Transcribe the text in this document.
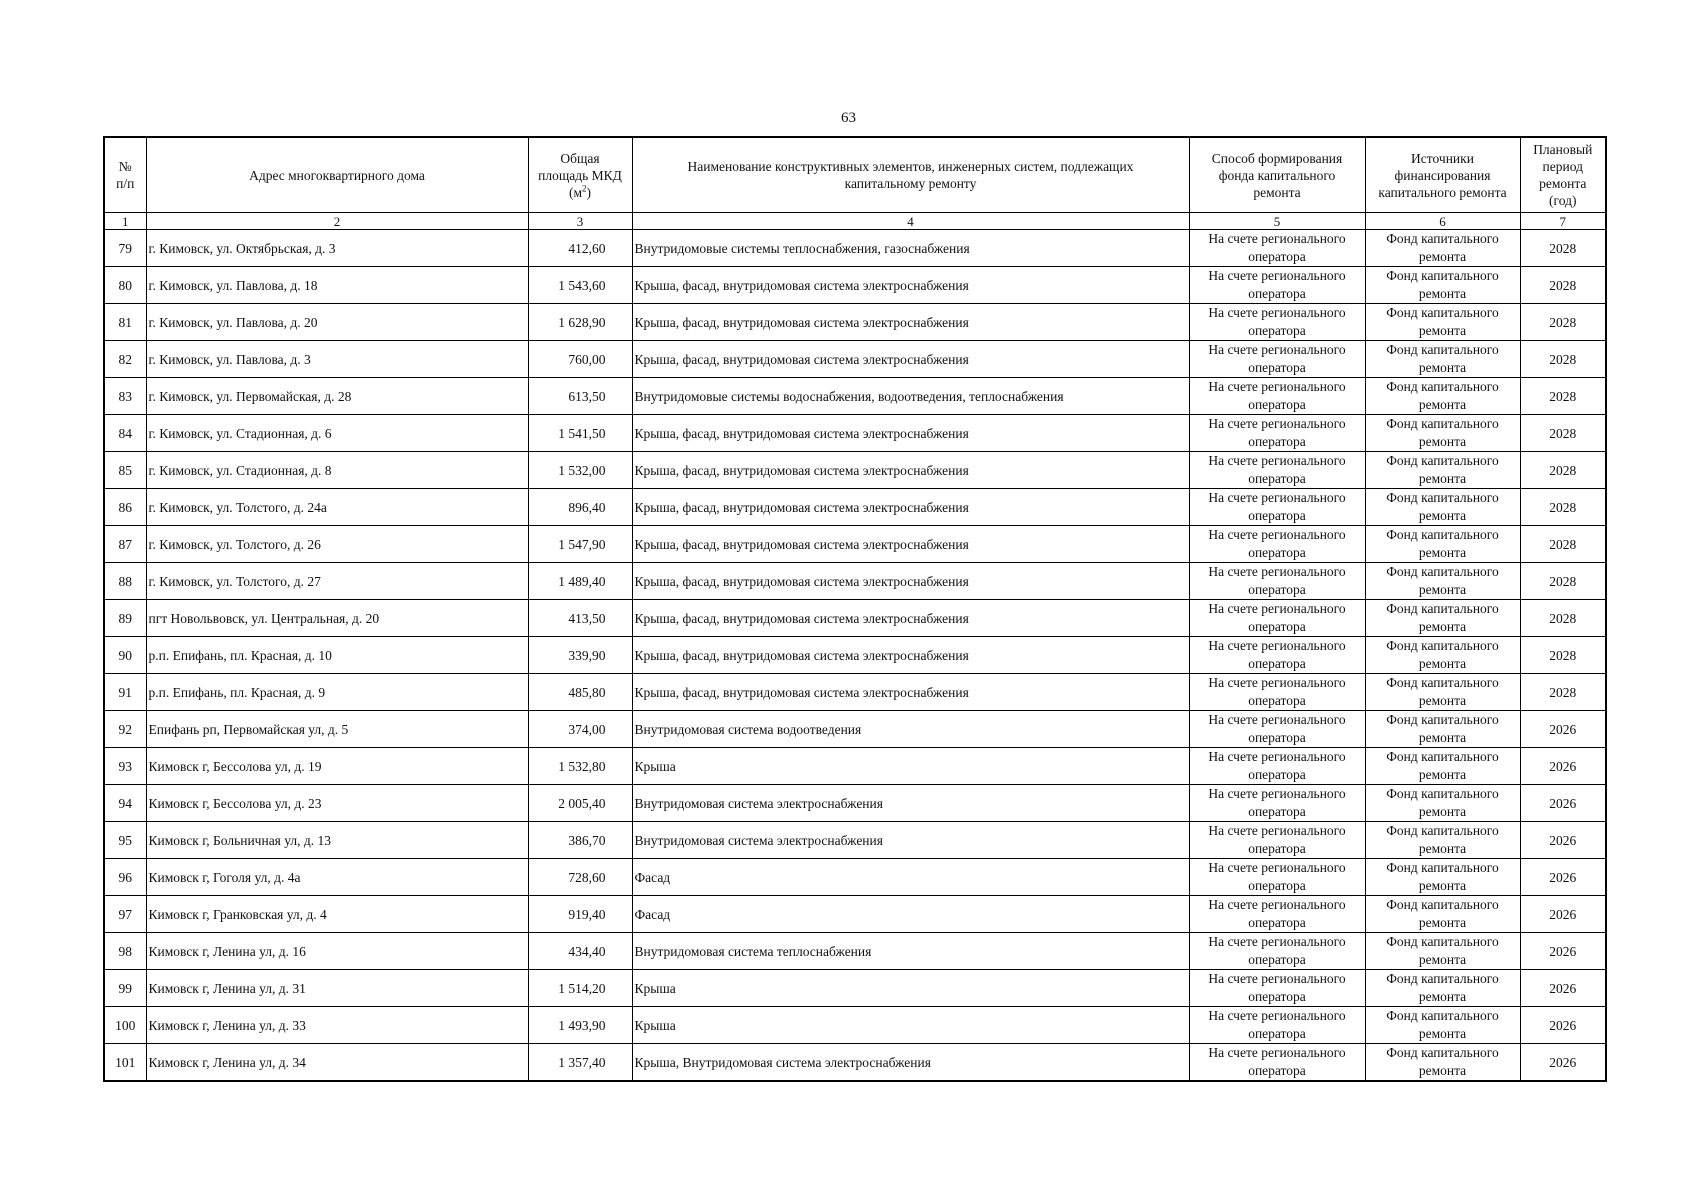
63
№
п/п	Адрес многоквартирного дома	Общая
площадь МКД
$(м^2)$	Наименование конструктивных элементов, инженерных систем, подлежащих
капитальному ремонту	Способ формирования
фонда капитального
ремонта	Источники
финансирования
капитального ремонта	Плановый
период
ремонта
(год)

1	2	3	4	5	6	7
79	г. Кимовск, ул. Октябрьская, д. 3	412,60	Внутридомовые системы теплоснабжения, газоснабжения	На счете регионального
оператора	Фонд капитального
ремонта	2028
80	г. Кимовск, ул. Павлова, д. 18	1 543,60	Крыша, фасад, внутридомовая система электроснабжения	На счете регионального
оператора	Фонд капитального
ремонта	2028
81	г. Кимовск, ул. Павлова, д. 20	1 628,90	Крыша, фасад, внутридомовая система электроснабжения	На счете регионального
оператора	Фонд капитального
ремонта	2028
82	г. Кимовск, ул. Павлова, д. 3	760,00	Крыша, фасад, внутридомовая система электроснабжения	На счете регионального
оператора	Фонд капитального
ремонта	2028
83	г. Кимовск, ул. Первомайская, д. 28	613,50	Внутридомовые системы водоснабжения, водоотведения, теплоснабжения	На счете регионального
оператора	Фонд капитального
ремонта	2028
84	г. Кимовск, ул. Стадионная, д. 6	1 541,50	Крыша, фасад, внутридомовая система электроснабжения	На счете регионального
оператора	Фонд капитального
ремонта	2028
85	г. Кимовск, ул. Стадионная, д. 8	1 532,00	Крыша, фасад, внутридомовая система электроснабжения	На счете регионального
оператора	Фонд капитального
ремонта	2028
86	г. Кимовск, ул. Толстого, д. 24а	896,40	Крыша, фасад, внутридомовая система электроснабжения	На счете регионального
оператора	Фонд капитального
ремонта	2028
87	г. Кимовск, ул. Толстого, д. 26	1 547,90	Крыша, фасад, внутридомовая система электроснабжения	На счете регионального
оператора	Фонд капитального
ремонта	2028
88	г. Кимовск, ул. Толстого, д. 27	1 489,40	Крыша, фасад, внутридомовая система электроснабжения	На счете регионального
оператора	Фонд капитального
ремонта	2028
89	пгт Новольвовск, ул. Центральная, д. 20	413,50	Крыша, фасад, внутридомовая система электроснабжения	На счете регионального
оператора	Фонд капитального
ремонта	2028
90	р.п. Епифань, пл. Красная, д. 10	339,90	Крыша, фасад, внутридомовая система электроснабжения	На счете регионального
оператора	Фонд капитального
ремонта	2028
91	р.п. Епифань, пл. Красная, д. 9	485,80	Крыша, фасад, внутридомовая система электроснабжения	На счете регионального
оператора	Фонд капитального
ремонта	2028
92	Епифань рп, Первомайская ул, д. 5	374,00	Внутридомовая система водоотведения	На счете регионального
оператора	Фонд капитального
ремонта	2026
93	Кимовск г, Бессолова ул, д. 19	1 532,80	Крыша	На счете регионального
оператора	Фонд капитального
ремонта	2026
94	Кимовск г, Бессолова ул, д. 23	2 005,40	Внутридомовая система электроснабжения	На счете регионального
оператора	Фонд капитального
ремонта	2026
95	Кимовск г, Больничная ул, д. 13	386,70	Внутридомовая система электроснабжения	На счете регионального
оператора	Фонд капитального
ремонта	2026
96	Кимовск г, Гоголя ул, д. 4а	728,60	Фасад	На счете регионального
оператора	Фонд капитального
ремонта	2026
97	Кимовск г, Гранковская ул, д. 4	919,40	Фасад	На счете регионального
оператора	Фонд капитального
ремонта	2026
98	Кимовск г, Ленина ул, д. 16	434,40	Внутридомовая система теплоснабжения	На счете регионального
оператора	Фонд капитального
ремонта	2026
99	Кимовск г, Ленина ул, д. 31	1 514,20	Крыша	На счете регионального
оператора	Фонд капитального
ремонта	2026
100	Кимовск г, Ленина ул, д. 33	1 493,90	Крыша	На счете регионального
оператора	Фонд капитального
ремонта	2026
101	Кимовск г, Ленина ул, д. 34	1 357,40	Крыша, Внутридомовая система электроснабжения	На счете регионального
оператора	Фонд капитального
ремонта	2026
